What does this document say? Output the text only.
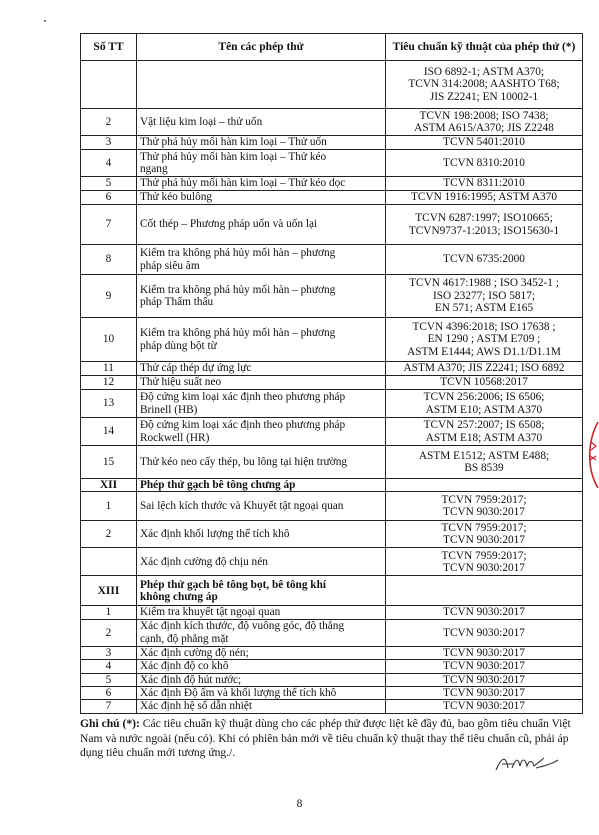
Số TT	Tên các phép thử	Tiêu chuẩn kỹ thuật của phép thử (*)
		ISO 6892-1; ASTM A370;
TCVN 314:2008; AASHTO T68;
JIS Z2241; EN 10002-1
2	Vật liệu kim loại – thử uốn	TCVN 198:2008; ISO 7438;
ASTM A615/A370; JIS Z2248
3	Thử phá hủy mối hàn kim loại – Thử uốn	TCVN 5401:2010
4	Thử phá hủy mối hàn kim loại – Thử kéo
ngang	TCVN 8310:2010
5	Thử phá hủy mối hàn kim loại – Thử kéo dọc	TCVN 8311:2010
6	Thử kéo bulông	TCVN 1916:1995; ASTM A370
7	Cốt thép – Phương pháp uốn và uốn lại	TCVN 6287:1997; ISO10665;
TCVN9737-1:2013; ISO15630-1
8	Kiểm tra không phá hủy mối hàn – phương
pháp siêu âm	TCVN 6735:2000
9	Kiểm tra không phá hủy mối hàn – phương
pháp Thẩm thấu	TCVN 4617:1988 ; ISO 3452-1 ;
ISO 23277; ISO 5817;
EN 571; ASTM E165
10	Kiểm tra không phá hủy mối hàn – phương
pháp dùng bột từ	TCVN 4396:2018; ISO 17638 ;
EN 1290 ; ASTM E709 ;
ASTM E1444; AWS D1.1/D1.1M
11	Thử cáp thép dự ứng lực	ASTM A370; JIS Z2241; ISO 6892
12	Thử hiệu suất neo	TCVN 10568:2017
13	Độ cứng kim loại xác định theo phương pháp
Brinell (HB)	TCVN 256:2006; IS 6506;
ASTM E10; ASTM A370
14	Độ cứng kim loại xác định theo phương pháp
Rockwell (HR)	TCVN 257:2007; IS 6508;
ASTM E18; ASTM A370
15	Thử kéo neo cấy thép, bu lông tại hiện trường	ASTM E1512; ASTM E488;
BS 8539
XII	Phép thử gạch bê tông chưng áp	
1	Sai lệch kích thước và Khuyết tật ngoại quan	TCVN 7959:2017;
TCVN 9030:2017
2	Xác định khối lượng thể tích khô	TCVN 7959:2017;
TCVN 9030:2017
	Xác định cường độ chịu nén	TCVN 7959:2017;
TCVN 9030:2017
XIII	Phép thử gạch bê tông bọt, bê tông khí
không chưng áp	
1	Kiểm tra khuyết tật ngoại quan	TCVN 9030:2017
2	Xác định kích thước, độ vuông góc, độ thẳng
cạnh, độ phẳng mặt	TCVN 9030:2017
3	Xác định cường độ nén;	TCVN 9030:2017
4	Xác định độ co khô	TCVN 9030:2017
5	Xác định độ hút nước;	TCVN 9030:2017
6	Xác định Độ ẩm và khối lượng thể tích khô	TCVN 9030:2017
7	Xác định hệ số dẫn nhiệt	TCVN 9030:2017
Ghi chú (*): Các tiêu chuẩn kỹ thuật dùng cho các phép thử được liệt kê đầy đủ, bao gồm tiêu chuẩn Việt Nam và nước ngoài (nếu có). Khi có phiên bản mới về tiêu chuẩn kỹ thuật thay thế tiêu chuẩn cũ, phải áp dụng tiêu chuẩn mới tương ứng./.
8
